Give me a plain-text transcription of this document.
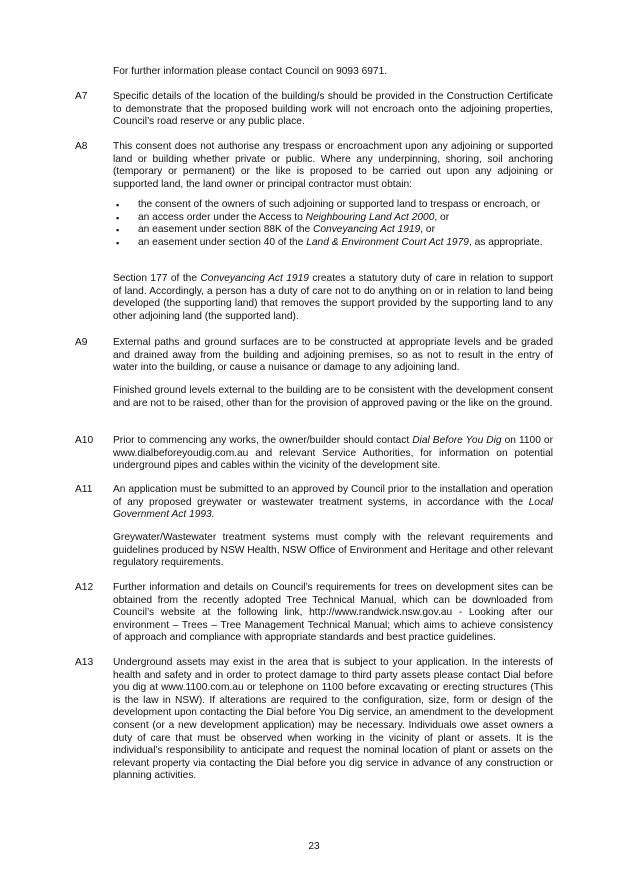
For further information please contact Council on 9093 6971.

A7	Specific details of the location of the building/s should be provided in the Construction Certificate to demonstrate that the proposed building work will not encroach onto the adjoining properties, Council’s road reserve or any public place.

A8	This consent does not authorise any trespass or encroachment upon any adjoining or supported land or building whether private or public. Where any underpinning, shoring, soil anchoring (temporary or permanent) or the like is proposed to be carried out upon any adjoining or supported land, the land owner or principal contractor must obtain:

▪ the consent of the owners of such adjoining or supported land to trespass or encroach, or
▪ an access order under the Access to Neighbouring Land Act 2000, or
▪ an easement under section 88K of the Conveyancing Act 1919, or
▪ an easement under section 40 of the Land & Environment Court Act 1979, as appropriate.

Section 177 of the Conveyancing Act 1919 creates a statutory duty of care in relation to support of land. Accordingly, a person has a duty of care not to do anything on or in relation to land being developed (the supporting land) that removes the support provided by the supporting land to any other adjoining land (the supported land).

A9	External paths and ground surfaces are to be constructed at appropriate levels and be graded and drained away from the building and adjoining premises, so as not to result in the entry of water into the building, or cause a nuisance or damage to any adjoining land.

Finished ground levels external to the building are to be consistent with the development consent and are not to be raised, other than for the provision of approved paving or the like on the ground.

A10 Prior to commencing any works, the owner/builder should contact Dial Before You Dig on 1100 or www.dialbeforeyoudig.com.au and relevant Service Authorities, for information on potential underground pipes and cables within the vicinity of the development site.

A11 An application must be submitted to an approved by Council prior to the installation and operation of any proposed greywater or wastewater treatment systems, in accordance with the Local Government Act 1993.

Greywater/Wastewater treatment systems must comply with the relevant requirements and guidelines produced by NSW Health, NSW Office of Environment and Heritage and other relevant regulatory requirements.

A12 Further information and details on Council’s requirements for trees on development sites can be obtained from the recently adopted Tree Technical Manual, which can be downloaded from Council’s website at the following link, http://www.randwick.nsw.gov.au - Looking after our environment – Trees – Tree Management Technical Manual; which aims to achieve consistency of approach and compliance with appropriate standards and best practice guidelines.

A13 Underground assets may exist in the area that is subject to your application. In the interests of health and safety and in order to protect damage to third party assets please contact Dial before you dig at www.1100.com.au or telephone on 1100 before excavating or erecting structures (This is the law in NSW). If alterations are required to the configuration, size, form or design of the development upon contacting the Dial before You Dig service, an amendment to the development consent (or a new development application) may be necessary. Individuals owe asset owners a duty of care that must be observed when working in the vicinity of plant or assets. It is the individual’s responsibility to anticipate and request the nominal location of plant or assets on the relevant property via contacting the Dial before you dig service in advance of any construction or planning activities.

23
